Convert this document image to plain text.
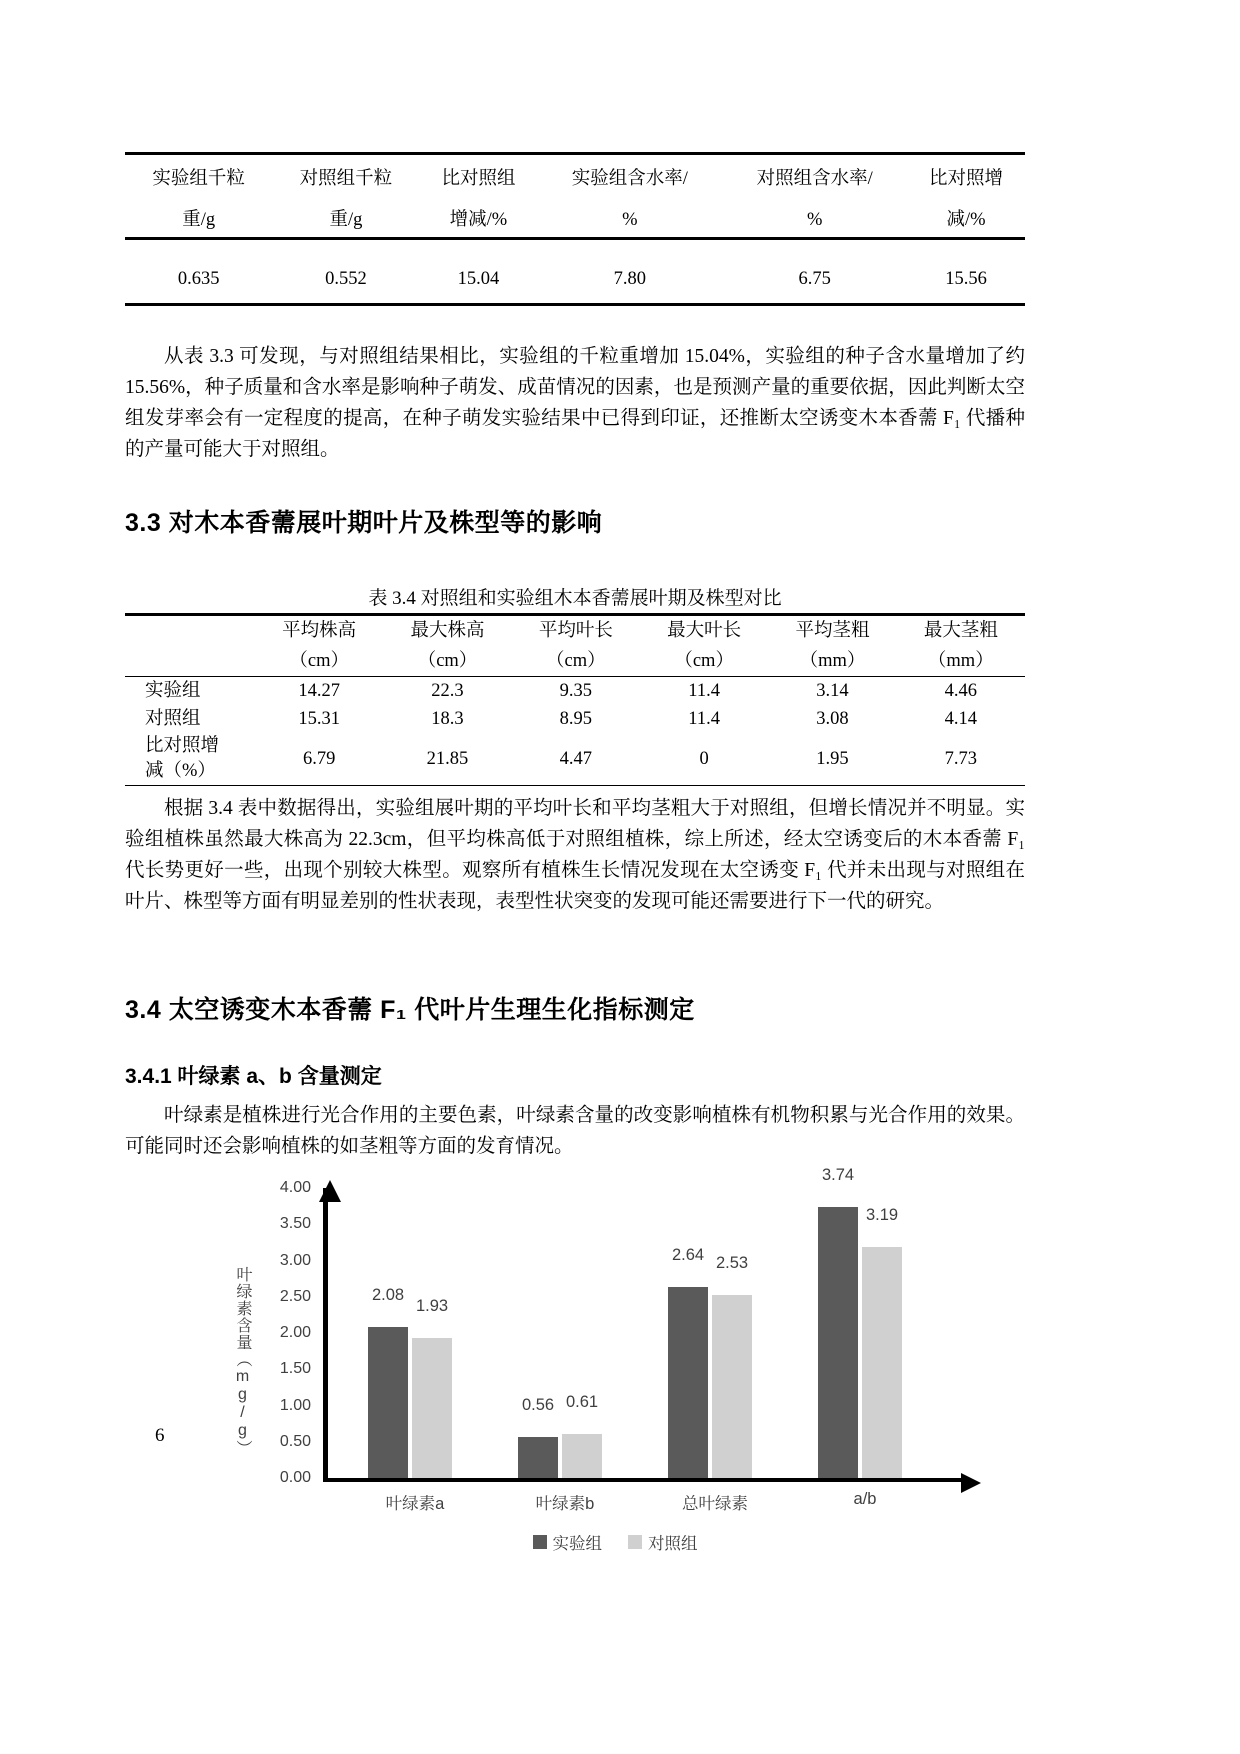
实验组千粒	对照组千粒	比对照组	实验组含水率/	对照组含水率/	比对照增
重/g	重/g	增减/%	%	%	减/%
0.635	0.552	15.04	7.80	6.75	15.56

从表 3.3 可发现，与对照组结果相比，实验组的千粒重增加 15.04%，实验组的种子含水量增加了约 15.56%，种子质量和含水率是影响种子萌发、成苗情况的因素，也是预测产量的重要依据，因此判断太空组发芽率会有一定程度的提高，在种子萌发实验结果中已得到印证，还推断太空诱变木本香薷 F₁ 代播种的产量可能大于对照组。

3.3 对木本香薷展叶期叶片及株型等的影响
表 3.4 对照组和实验组木本香薷展叶期及株型对比
	平均株高	最大株高	平均叶长	最大叶长	平均茎粗	最大茎粗
	（cm）	（cm）	（cm）	（cm）	（mm）	（mm）
实验组	14.27	22.3	9.35	11.4	3.14	4.46
对照组	15.31	18.3	8.95	11.4	3.08	4.14
比对照增
减（%）	6.79	21.85	4.47	0	1.95	7.73

根据 3.4 表中数据得出，实验组展叶期的平均叶长和平均茎粗大于对照组，但增长情况并不明显。实验组植株虽然最大株高为 22.3cm，但平均株高低于对照组植株，综上所述，经太空诱变后的木本香薷 F₁ 代长势更好一些，出现个别较大株型。观察所有植株生长情况发现在太空诱变 F₁ 代并未出现与对照组在叶片、株型等方面有明显差别的性状表现，表型性状突变的发现可能还需要进行下一代的研究。

3.4 太空诱变木本香薷 F₁ 代叶片生理生化指标测定
3.4.1 叶绿素 a、b 含量测定

叶绿素是植株进行光合作用的主要色素，叶绿素含量的改变影响植株有机物积累与光合作用的效果。可能同时还会影响植株的如茎粗等方面的发育情况。

6	叶绿素含量（mg/g）
0.00
0.50
1.00
1.50
2.00
2.50
3.00
3.50
4.00
2.08
1.93
叶绿素a
0.56 0.61
叶绿素b
2.64 2.53
总叶绿素
3.74
3.19
a/b
实验组	对照组
